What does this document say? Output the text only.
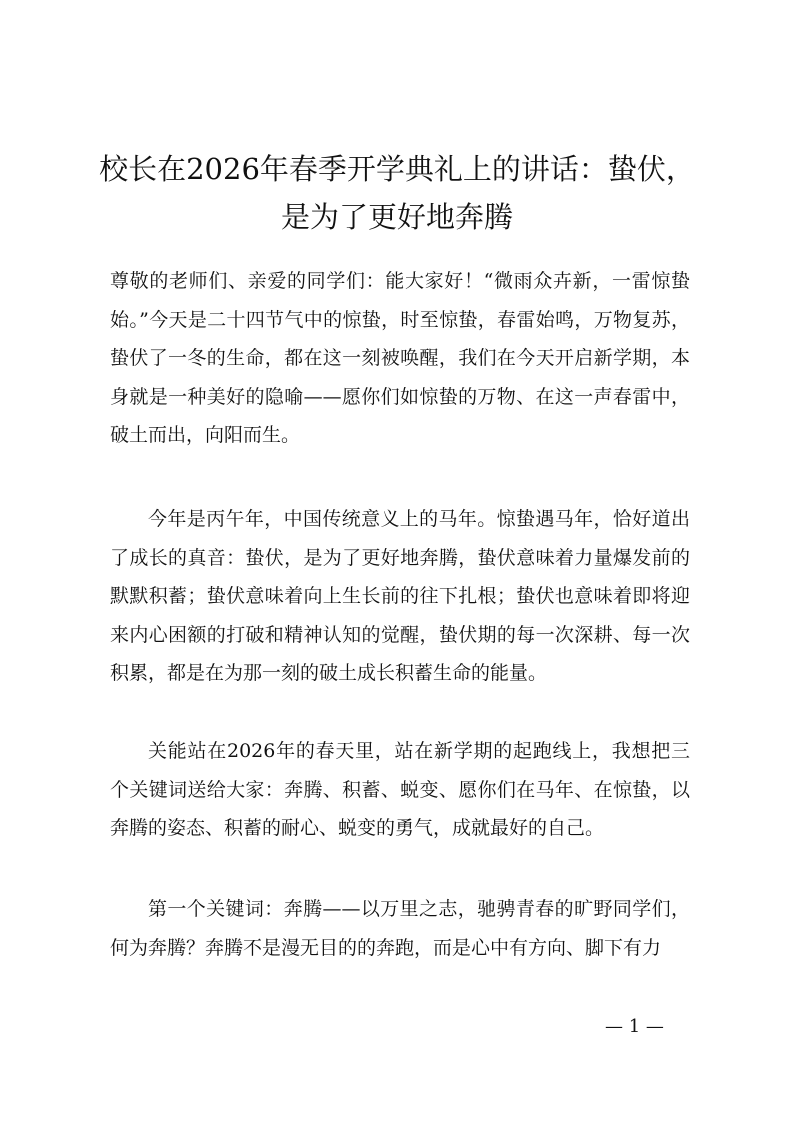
校长在2026年春季开学典礼上的讲话：蛰伏，
是为了更好地奔腾

尊敬的老师们、亲爱的同学们：能大家好！“微雨众卉新，一雷惊蛰始。”今天是二十四节气中的惊蛰，时至惊蛰，春雷始鸣，万物复苏，蛰伏了一冬的生命，都在这一刻被唤醒，我们在今天开启新学期，本身就是一种美好的隐喻——愿你们如惊蛰的万物、在这一声春雷中，破土而出，向阳而生。

今年是丙午年，中国传统意义上的马年。惊蛰遇马年，恰好道出了成长的真音：蛰伏，是为了更好地奔腾，蛰伏意味着力量爆发前的默默积蓄；蛰伏意味着向上生长前的往下扎根；蛰伏也意味着即将迎来内心困额的打破和精神认知的觉醒，蛰伏期的每一次深耕、每一次积累，都是在为那一刻的破土成长积蓄生命的能量。

关能站在2026年的春天里，站在新学期的起跑线上，我想把三个关键词送给大家：奔腾、积蓄、蜕变、愿你们在马年、在惊蛰，以奔腾的姿态、积蓄的耐心、蜕变的勇气，成就最好的自己。

第一个关键词：奔腾——以万里之志，驰骋青春的旷野同学们，何为奔腾？奔腾不是漫无目的的奔跑，而是心中有方向、脚下有力

— 1 —
